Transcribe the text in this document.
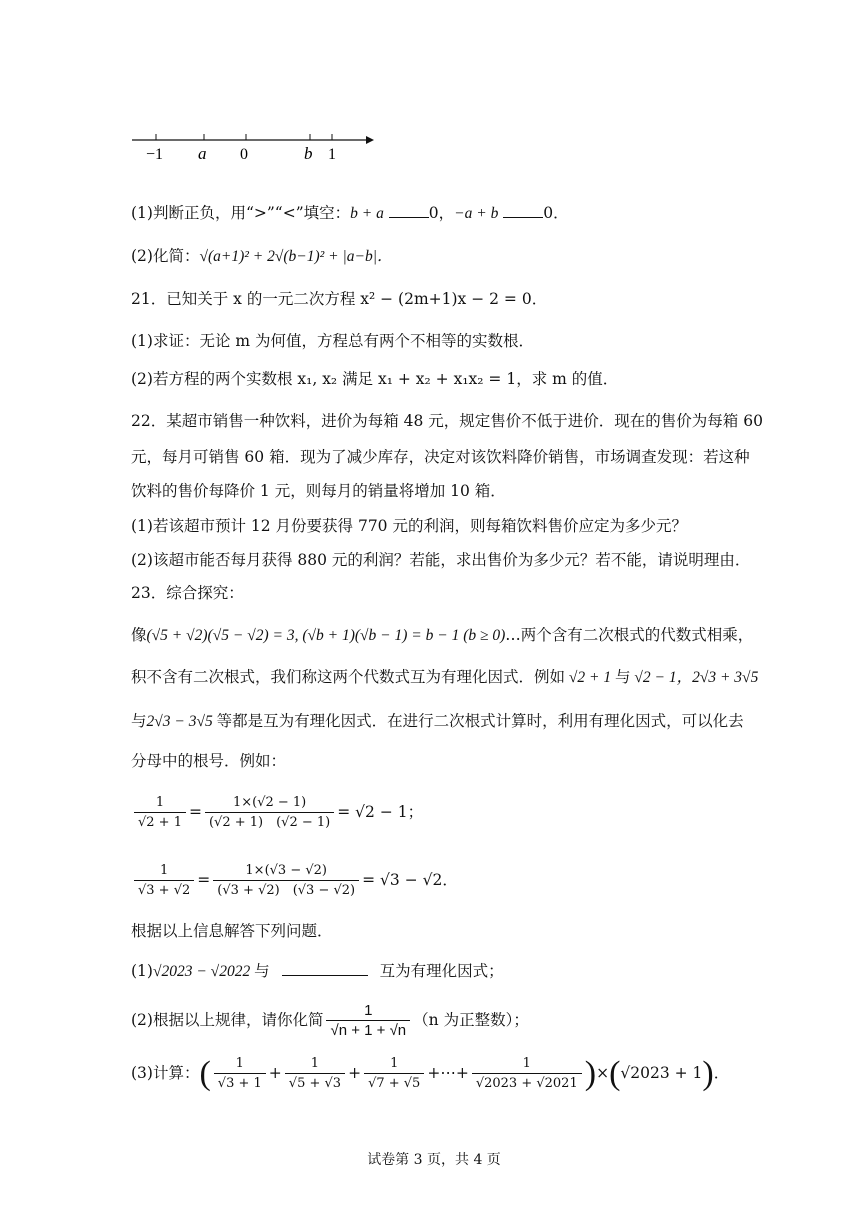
−1 a 0	b 1
(1)判断正负，用“>”“<”填空：b + a	0，−a + b	0．
(2)化简：√(a+1)² + 2√(b−1)² + |a−b|．
21．已知关于 x 的一元二次方程 x² − (2m+1)x − 2 = 0．
(1)求证：无论 m 为何值，方程总有两个不相等的实数根．
(2)若方程的两个实数根 x₁, x₂ 满足 x₁ + x₂ + x₁x₂ = 1，求 m 的值．
22．某超市销售一种饮料，进价为每箱 48 元，规定售价不低于进价．现在的售价为每箱 60
元，每月可销售 60 箱．现为了减少库存，决定对该饮料降价销售，市场调查发现：若这种
饮料的售价每降价 1 元，则每月的销量将增加 10 箱．
(1)若该超市预计 12 月份要获得 770 元的利润，则每箱饮料售价应定为多少元？
(2)该超市能否每月获得 880 元的利润？若能，求出售价为多少元？若不能，请说明理由．
23．综合探究：
像(√5 + √2)(√5 − √2) = 3, (√b + 1)(√b − 1) = b − 1 (b ≥ 0)…两个含有二次根式的代数式相乘，
积不含有二次根式，我们称这两个代数式互为有理化因式．例如 √2 + 1 与 √2 − 1，2√3 + 3√5
与2√3 − 3√5 等都是互为有理化因式．在进行二次根式计算时，利用有理化因式，可以化去
分母中的根号．例如：
$\frac{1}{√2 + 1} = \frac{1\times(√2 - 1)}{(√2 + 1) (√2 - 1)} = √2 - 1$；
$\frac{1}{√3 + √2} = \frac{1\times(√3 - √2)}{(√3 + √2) (√3 - √2)} = √3 - √2$．
根据以上信息解答下列问题．
(1)√2023 − √2022 与	互为有理化因式；
(2)根据以上规律，请你化简 $\frac{1}{√n + 1 + √n} (n$ 为正整数）；
(3)计算：( $\frac{1}{√3 + 1} + \frac{1}{√5 + √3} + \frac{1}{√7 + √5}$ +⋯+ $\frac{1}{√2023 + √2021} )\times(√2023 + 1)$．
试卷第 3 页，共 4 页
